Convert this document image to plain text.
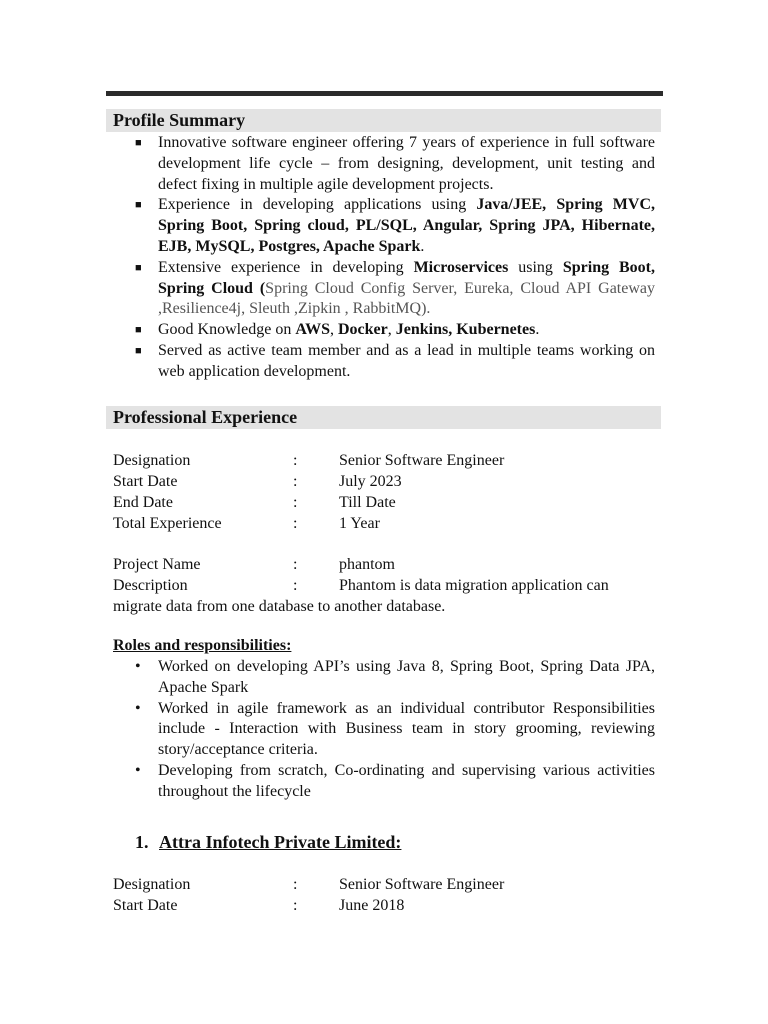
Profile Summary
■ Innovative software engineer offering 7 years of experience in full software development life cycle – from designing, development, unit testing and defect fixing in multiple agile development projects.
■ Experience in developing applications using Java/JEE, Spring MVC, Spring Boot, Spring cloud, PL/SQL, Angular, Spring JPA, Hibernate, EJB, MySQL, Postgres, Apache Spark.
■ Extensive experience in developing Microservices using Spring Boot, Spring Cloud (Spring Cloud Config Server, Eureka, Cloud API Gateway ,Resilience4j, Sleuth ,Zipkin , RabbitMQ).
■ Good Knowledge on AWS, Docker, Jenkins, Kubernetes.
■ Served as active team member and as a lead in multiple teams working on web application development.
Professional Experience
Designation	:	Senior Software Engineer
Start Date	:	July 2023
End Date	:	Till Date
Total Experience	:	1 Year
Project Name	:	phantom
Description	:	Phantom is data migration application can
migrate data from one database to another database.
Roles and responsibilities:
• Worked on developing API’s using Java 8, Spring Boot, Spring Data JPA, Apache Spark
• Worked in agile framework as an individual contributor Responsibilities include - Interaction with Business team in story grooming, reviewing story/acceptance criteria.
• Developing from scratch, Co-ordinating and supervising various activities throughout the lifecycle
1. Attra Infotech Private Limited:
Designation	:	Senior Software Engineer
Start Date	:	June 2018
